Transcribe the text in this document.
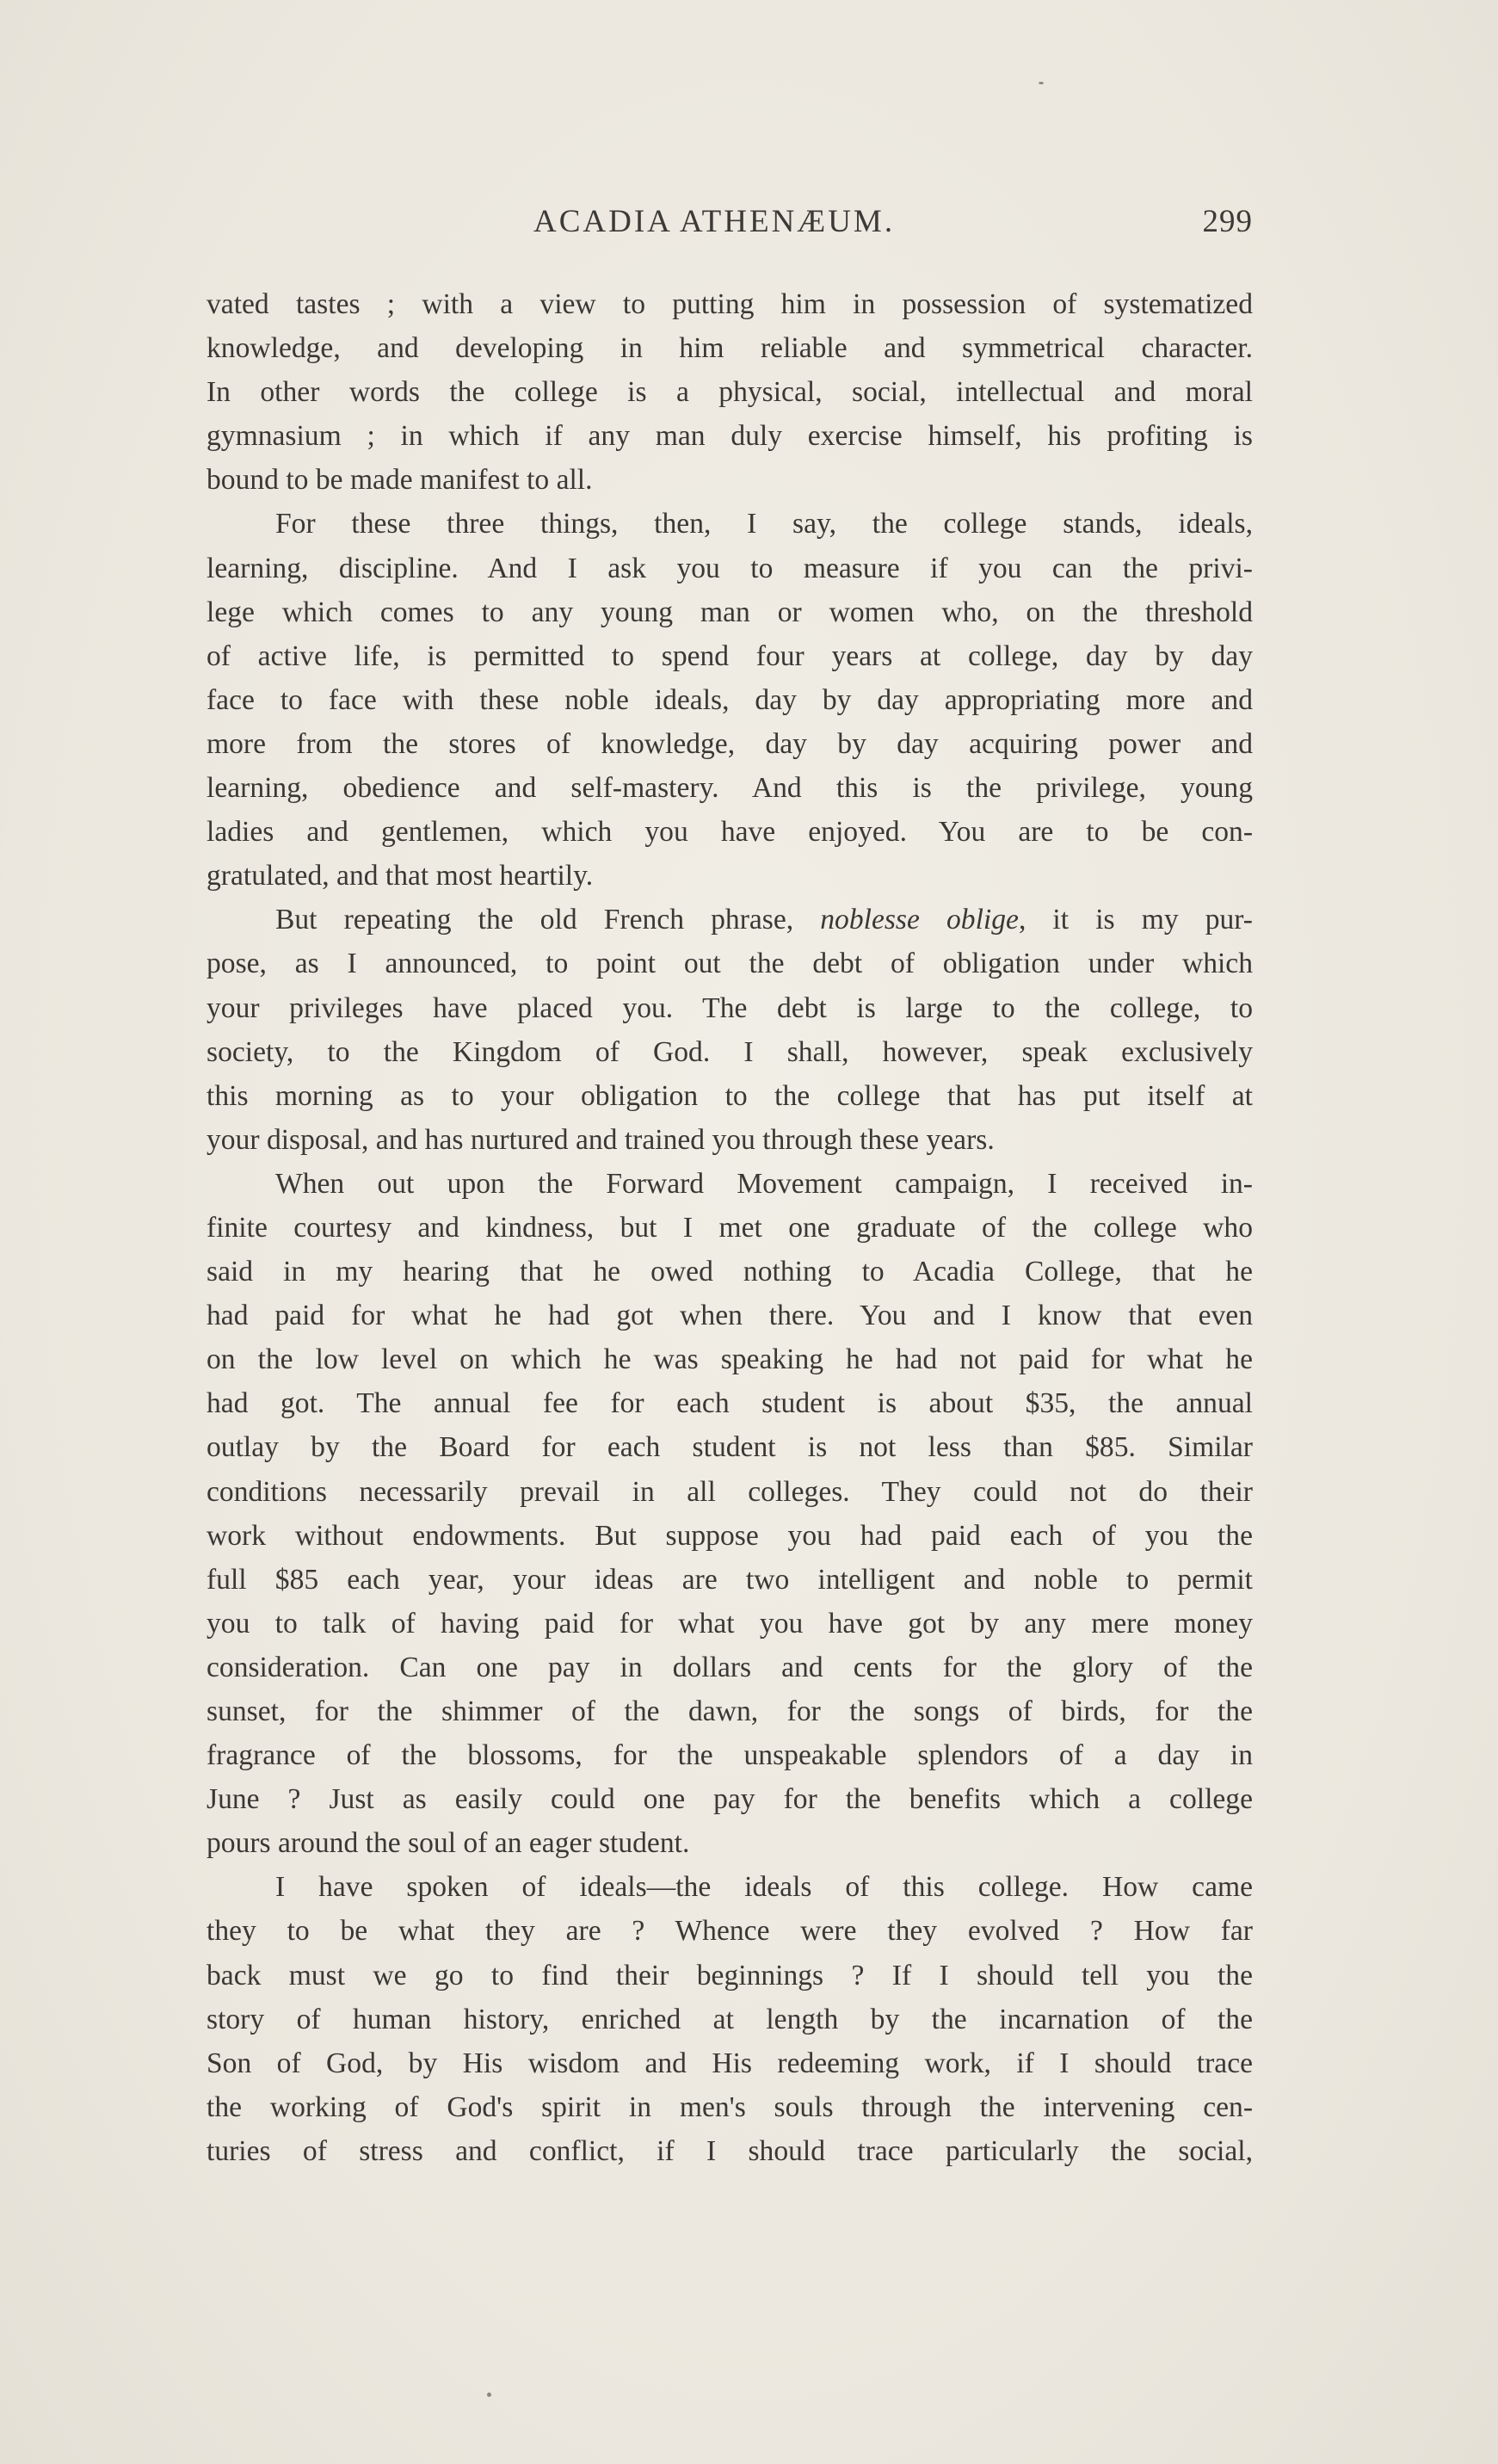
ACADIA ATHENÆUM.	299
vated tastes ; with a view to putting him in possession of systematized
knowledge, and developing in him reliable and symmetrical character.
In other words the college is a physical, social, intellectual and moral
gymnasium ; in which if any man duly exercise himself, his profiting is
bound to be made manifest to all.
For these three things, then, I say, the college stands, ideals,
learning, discipline. And I ask you to measure if you can the privi-
lege which comes to any young man or women who, on the threshold
of active life, is permitted to spend four years at college, day by day
face to face with these noble ideals, day by day appropriating more and
more from the stores of knowledge, day by day acquiring power and
learning, obedience and self-mastery. And this is the privilege, young
ladies and gentlemen, which you have enjoyed. You are to be con-
gratulated, and that most heartily.
But repeating the old French phrase, noblesse oblige, it is my pur-
pose, as I announced, to point out the debt of obligation under which
your privileges have placed you. The debt is large to the college, to
society, to the Kingdom of God. I shall, however, speak exclusively
this morning as to your obligation to the college that has put itself at
your disposal, and has nurtured and trained you through these years.
When out upon the Forward Movement campaign, I received in-
finite courtesy and kindness, but I met one graduate of the college who
said in my hearing that he owed nothing to Acadia College, that he
had paid for what he had got when there. You and I know that even
on the low level on which he was speaking he had not paid for what he
had got. The annual fee for each student is about $35, the annual
outlay by the Board for each student is not less than $85. Similar
conditions necessarily prevail in all colleges. They could not do their
work without endowments. But suppose you had paid each of you the
full $85 each year, your ideas are two intelligent and noble to permit
you to talk of having paid for what you have got by any mere money
consideration. Can one pay in dollars and cents for the glory of the
sunset, for the shimmer of the dawn, for the songs of birds, for the
fragrance of the blossoms, for the unspeakable splendors of a day in
June ? Just as easily could one pay for the benefits which a college
pours around the soul of an eager student.
I have spoken of ideals—the ideals of this college. How came
they to be what they are ? Whence were they evolved ? How far
back must we go to find their beginnings ? If I should tell you the
story of human history, enriched at length by the incarnation of the
Son of God, by His wisdom and His redeeming work, if I should trace
the working of God's spirit in men's souls through the intervening cen-
turies of stress and conflict, if I should trace particularly the social,
